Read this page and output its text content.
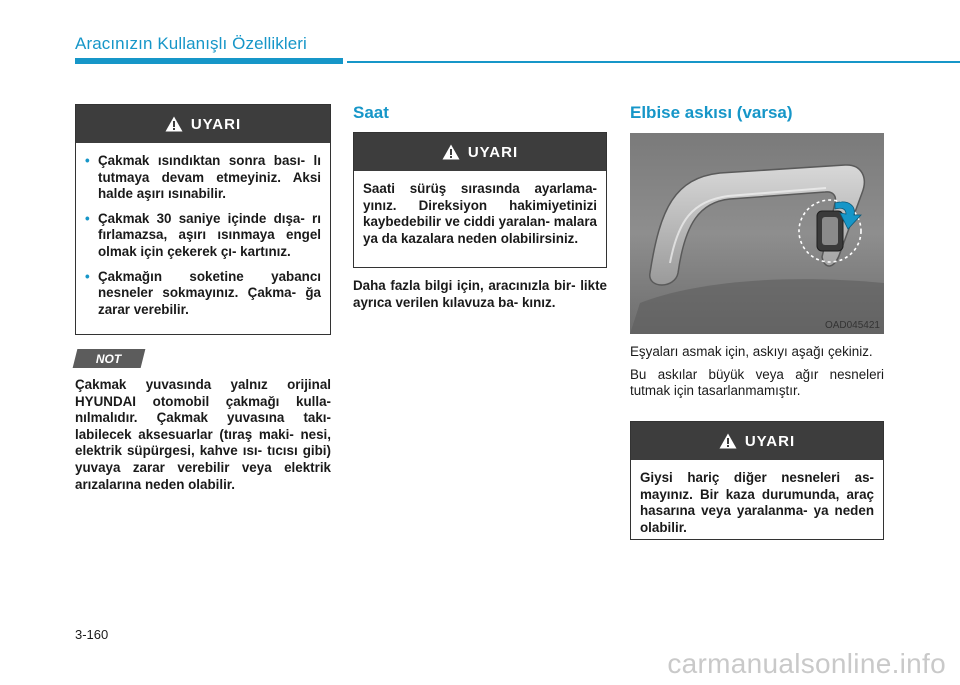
Aracınızın Kullanışlı Özellikleri
UYARI
• Çakmak ısındıktan sonra bası- lı tutmaya devam etmeyiniz. Aksi halde aşırı ısınabilir.
• Çakmak 30 saniye içinde dışa- rı fırlamazsa, aşırı ısınmaya engel olmak için çekerek çı- kartınız.
• Çakmağın soketine yabancı nesneler sokmayınız. Çakma- ğa zarar verebilir.
NOT

Çakmak yuvasında yalnız orijinal HYUNDAI otomobil çakmağı kulla- nılmalıdır. Çakmak yuvasına takı- labilecek aksesuarlar (tıraş maki- nesi, elektrik süpürgesi, kahve ısı- tıcısı gibi) yuvaya zarar verebilir veya elektrik arızalarına neden olabilir.

Saat
UYARI
Saati sürüş sırasında ayarlama- yınız. Direksiyon hakimiyetinizi kaybedebilir ve ciddi yaralan- malara ya da kazalara neden olabilirsiniz.

Daha fazla bilgi için, aracınızla bir- likte ayrıca verilen kılavuza ba- kınız.

Elbise askısı (varsa)
OAD045421

Eşyaları asmak için, askıyı aşağı çekiniz.

Bu askılar büyük veya ağır nesneleri tutmak için tasarlanmamıştır.

UYARI
Giysi hariç diğer nesneleri as- mayınız. Bir kaza durumunda, araç hasarına veya yaralanma- ya neden olabilir.
3-160
carmanualsonline.info
